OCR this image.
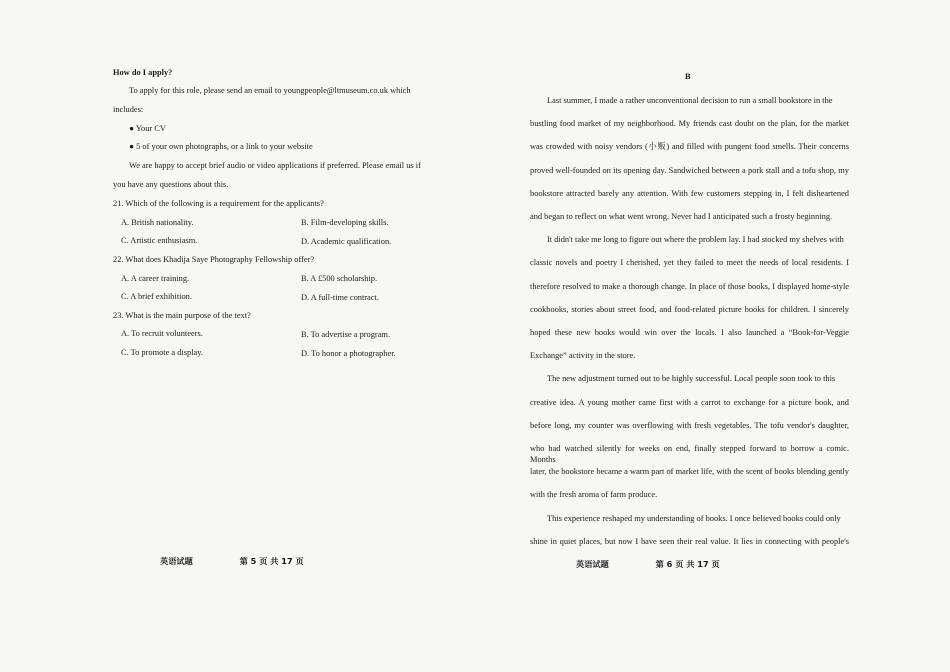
How do I apply?
To apply for this role, please send an email to youngpeople@ltmuseum.co.uk which
includes:
● Your CV
● 5 of your own photographs, or a link to your website
We are happy to accept brief audio or video applications if preferred. Please email us if
you have any questions about this.
21. Which of the following is a requirement for the applicants?
A. British nationality.	B. Film-developing skills.
C. Artistic enthusiasm.	D. Academic qualification.
22. What does Khadija Saye Photography Fellowship offer?
A. A career training.	B. A £500 scholarship.
C. A brief exhibition.	D. A full-time contract.
23. What is the main purpose of the text?
A. To recruit volunteers.	B. To advertise a program.
C. To promote a display.	D. To honor a photographer.
英语试题	第 5 页 共 17 页
B
Last summer, I made a rather unconventional decision to run a small bookstore in the
bustling food market of my neighborhood. My friends cast doubt on the plan, for the market
was crowded with noisy vendors (小贩) and filled with pungent food smells. Their concerns
proved well-founded on its opening day. Sandwiched between a pork stall and a tofu shop, my
bookstore attracted barely any attention. With few customers stepping in, I felt disheartened
and began to reflect on what went wrong. Never had I anticipated such a frosty beginning.
It didn't take me long to figure out where the problem lay. I had stocked my shelves with
classic novels and poetry I cherished, yet they failed to meet the needs of local residents. I
therefore resolved to make a thorough change. In place of those books, I displayed home-style
cookbooks, stories about street food, and food-related picture books for children. I sincerely
hoped these new books would win over the locals. I also launched a “Book-for-Veggie
Exchange” activity in the store.
The new adjustment turned out to be highly successful. Local people soon took to this
creative idea. A young mother came first with a carrot to exchange for a picture book, and
before long, my counter was overflowing with fresh vegetables. The tofu vendor's daughter,
who had watched silently for weeks on end, finally stepped forward to borrow a comic. Months
later, the bookstore became a warm part of market life, with the scent of books blending gently
with the fresh aroma of farm produce.
This experience reshaped my understanding of books. I once believed books could only
shine in quiet places, but now I have seen their real value. It lies in connecting with people's
英语试题	第 6 页 共 17 页
